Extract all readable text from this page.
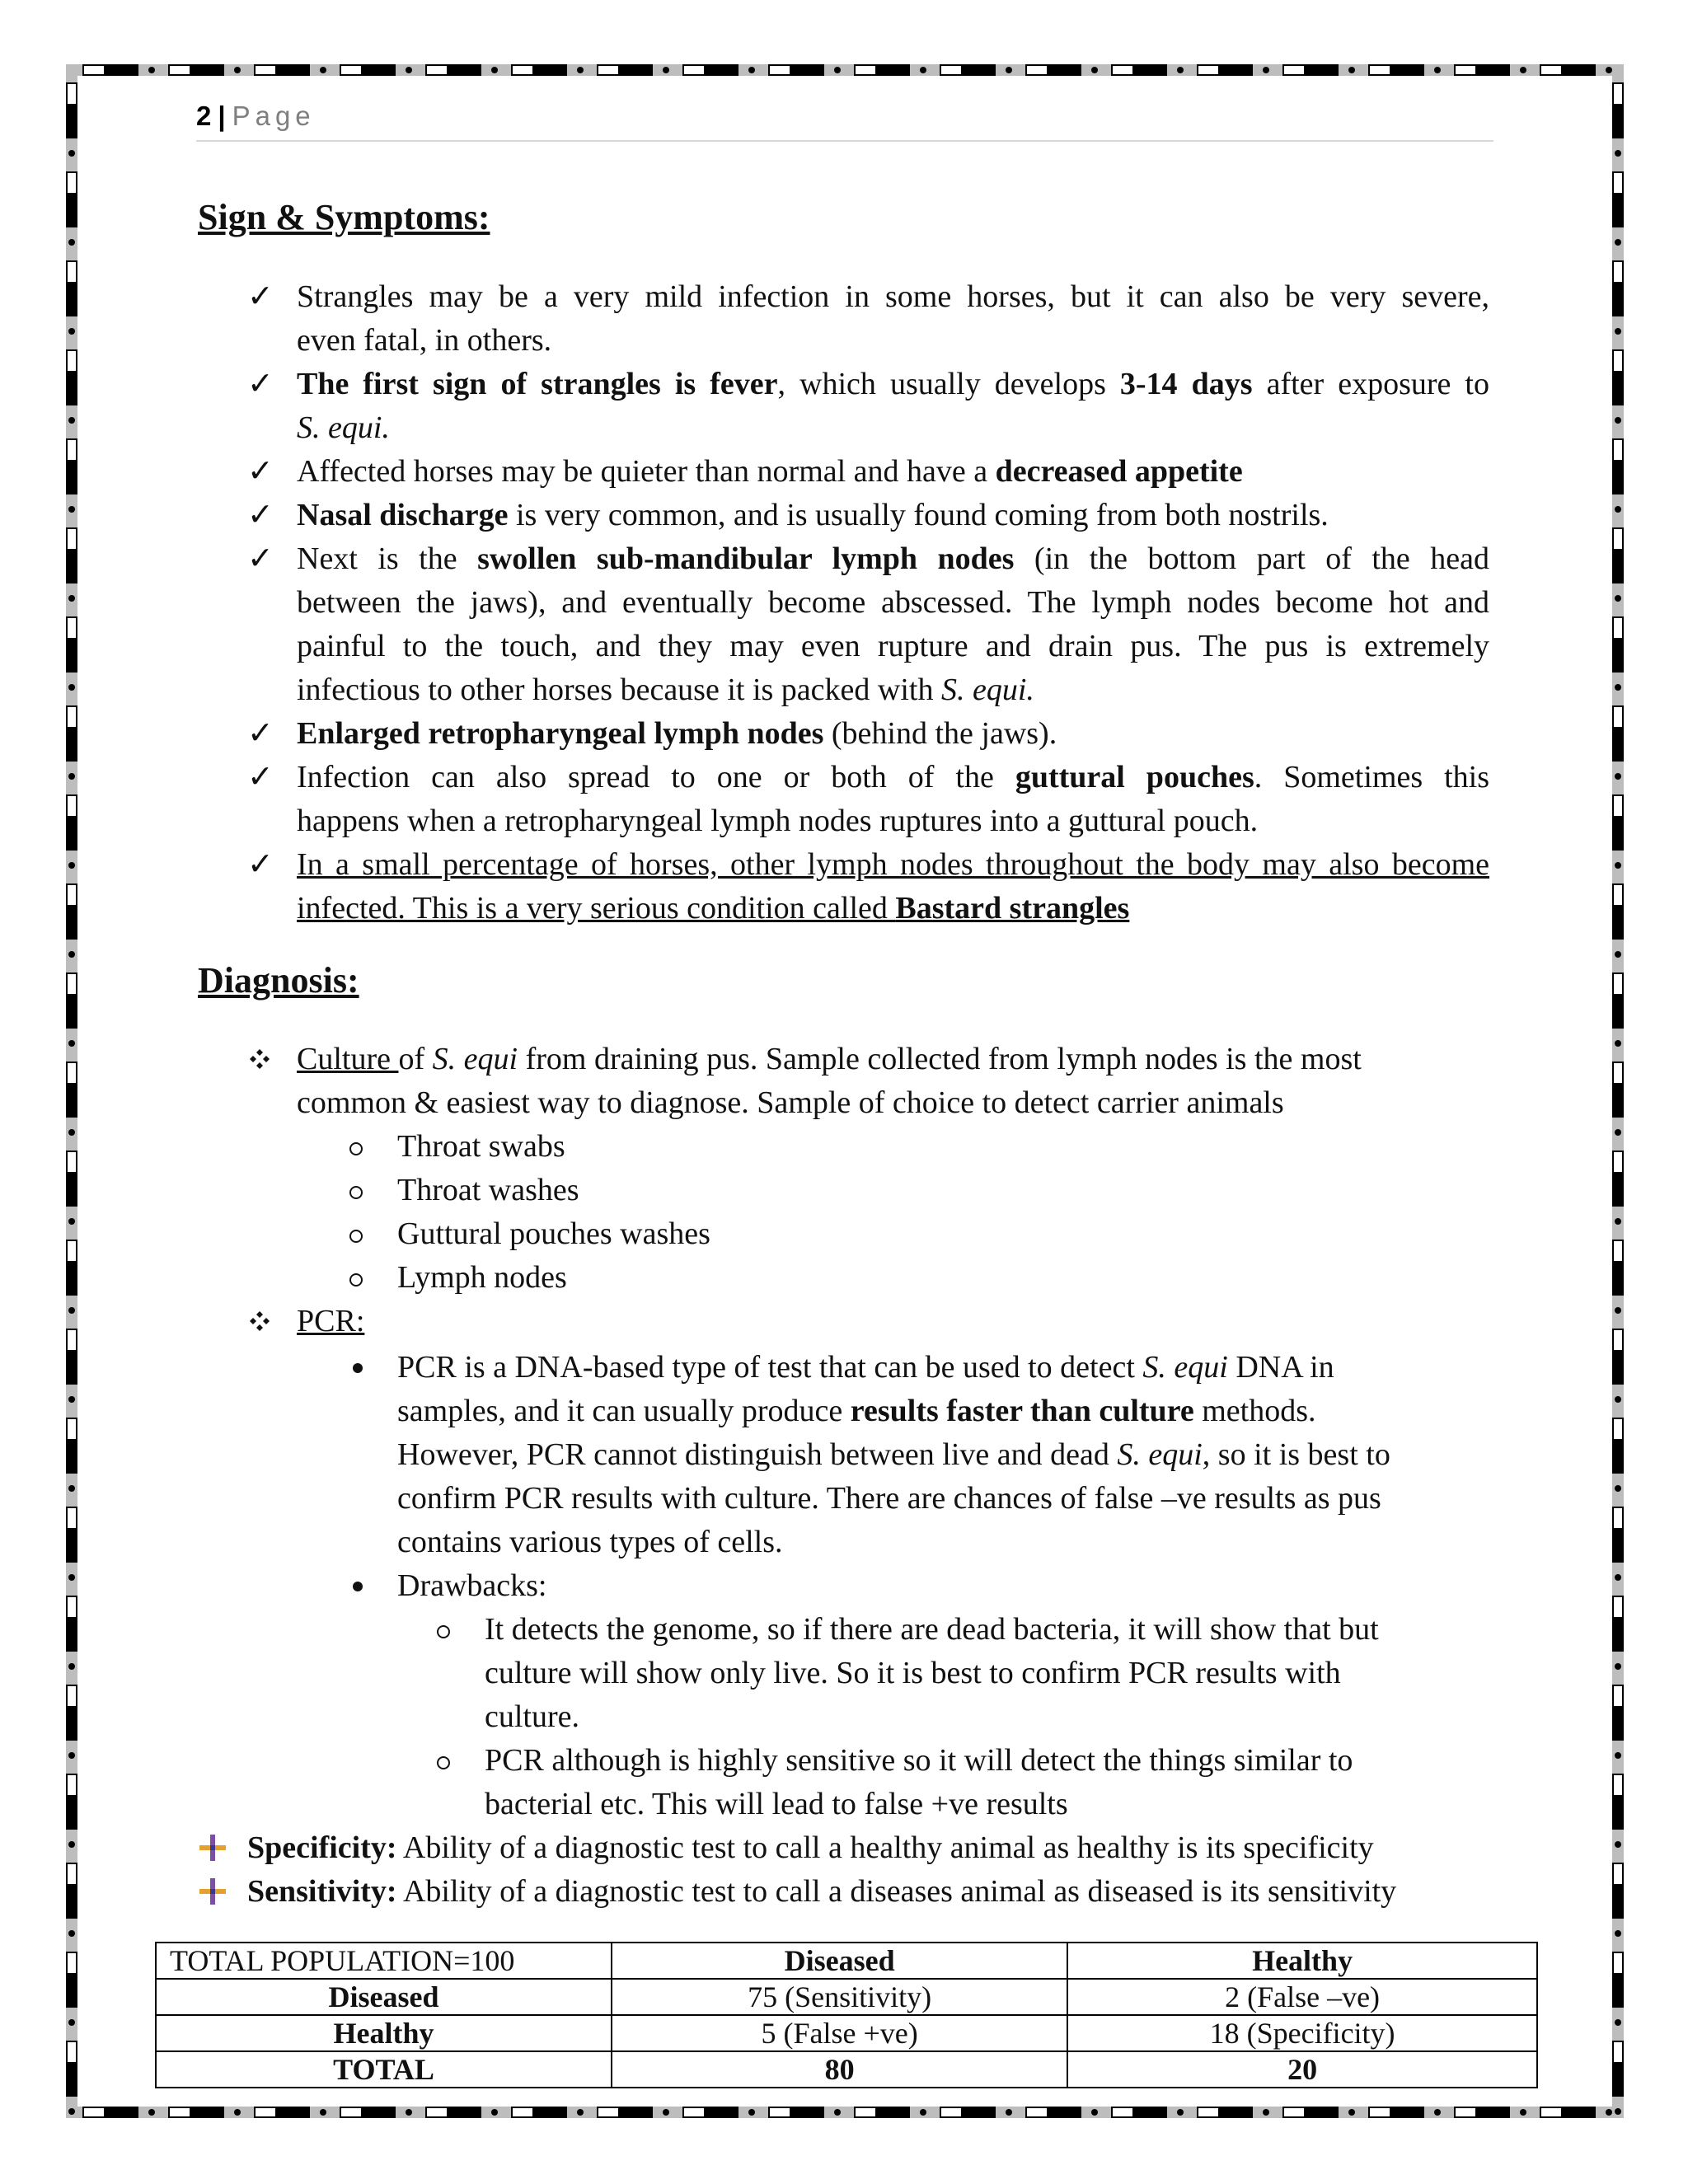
2 | Page
Sign & Symptoms:
✓ Strangles may be a very mild infection in some horses, but it can also be very severe,
even fatal, in others.
✓ The first sign of strangles is fever, which usually develops 3-14 days after exposure to
S. equi.
✓ Affected horses may be quieter than normal and have a decreased appetite
✓ Nasal discharge is very common, and is usually found coming from both nostrils.
✓ Next is the swollen sub-mandibular lymph nodes (in the bottom part of the head
between the jaws), and eventually become abscessed. The lymph nodes become hot and
painful to the touch, and they may even rupture and drain pus. The pus is extremely
infectious to other horses because it is packed with S. equi.
✓ Enlarged retropharyngeal lymph nodes (behind the jaws).
✓ Infection can also spread to one or both of the guttural pouches. Sometimes this
happens when a retropharyngeal lymph nodes ruptures into a guttural pouch.
✓ In a small percentage of horses, other lymph nodes throughout the body may also become
infected. This is a very serious condition called Bastard strangles
Diagnosis:
Culture of S. equi from draining pus. Sample collected from lymph nodes is the most
common & easiest way to diagnose. Sample of choice to detect carrier animals
Throat swabs
Throat washes
Guttural pouches washes
Lymph nodes
PCR:
PCR is a DNA-based type of test that can be used to detect S. equi DNA in
samples, and it can usually produce results faster than culture methods.
However, PCR cannot distinguish between live and dead S. equi, so it is best to
confirm PCR results with culture. There are chances of false –ve results as pus
contains various types of cells.
Drawbacks:
It detects the genome, so if there are dead bacteria, it will show that but
culture will show only live. So it is best to confirm PCR results with
culture.
PCR although is highly sensitive so it will detect the things similar to
bacterial etc. This will lead to false +ve results
Specificity: Ability of a diagnostic test to call a healthy animal as healthy is its specificity
Sensitivity: Ability of a diagnostic test to call a diseases animal as diseased is its sensitivity
TOTAL POPULATION=100	Diseased	Healthy
Diseased	75 (Sensitivity)	2 (False –ve)
Healthy	5 (False +ve)	18 (Specificity)
TOTAL	80	20
